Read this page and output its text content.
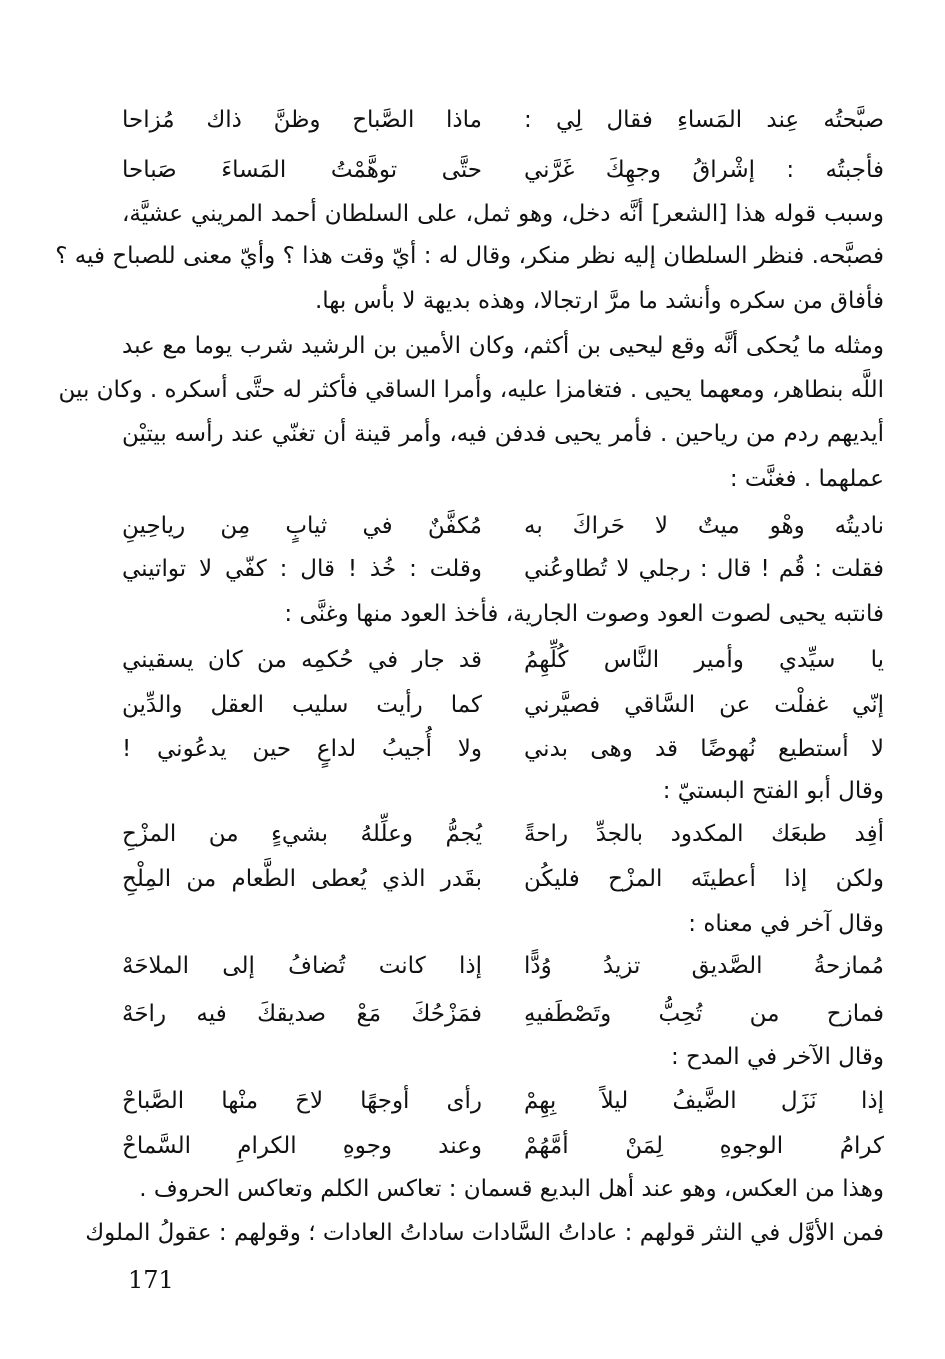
صبَّحتُه عِند المَساءِ فقال لِي :
ماذا الصَّباح وظنَّ ذاك مُزاحا
فأجبتُه : إشْراقُ وجهِكَ غَرَّني
حتَّى توهَّمْتُ المَساءَ صَباحا
وسبب قوله هذا [الشعر] أنَّه دخل، وهو ثمل، على السلطان أحمد المريني عشيَّة،
فصبَّحه. فنظر السلطان إليه نظر منكر، وقال له : أيّ وقت هذا ؟ وأيّ معنى للصباح فيه ؟
فأفاق من سكره وأنشد ما مرَّ ارتجالا، وهذه بديهة لا بأس بها.
ومثله ما يُحكى أنَّه وقع ليحيى بن أكثم، وكان الأمين بن الرشيد شرب يوما مع عبد
اللَّه بنطاهر، ومعهما يحيى . فتغامزا عليه، وأمرا الساقي فأكثر له حتَّى أسكره . وكان بين
أيديهم ردم من رياحين . فأمر يحيى فدفن فيه، وأمر قينة أن تغنّي عند رأسه بيتيْن
عملهما . فغنَّت :
ناديتُه وهْو ميتٌ لا حَراكَ به
مُكفَّنٌ في ثيابٍ مِن رياحِينِ
فقلت : قُم ! قال : رجلي لا تُطاوعُني
وقلت : خُذ ! قال : كفّي لا تواتيني
فانتبه يحيى لصوت العود وصوت الجارية، فأخذ العود منها وغنَّى :
يا سيِّدي وأمير النَّاس كُلِّهِمُ
قد جار في حُكمِه من كان يسقيني
إنّي غفلْت عن السَّاقي فصيَّرني
كما رأيت سليب العقل والدِّين
لا أستطيع نُهوضًا قد وهى بدني
ولا أُجيبُ لداعٍ حين يدعُوني !
وقال أبو الفتح البستيّ :
أفِد طبعَك المكدود بالجدِّ راحةً
يُجمُّ وعلِّلهُ بشيءٍ من المزْحِ
ولكن إذا أعطيتَه المزْح فليكُن
بقَدر الذي يُعطى الطَّعام من المِلْحِ
وقال آخر في معناه :
مُمازحةُ الصَّديق تزيدُ وُدًّا
إذا كانت تُضافُ إلى الملاحَهْ
فمازح من تُحِبُّ وتَصْطَفيهِ
فمَزْحُكَ مَعْ صديقكَ فيه راحَهْ
وقال الآخر في المدح :
إذا نَزَل الضَّيفُ ليلاً بِهِمْ
رأى أوجهًا لاحَ منْها الصَّباحْ
كرامُ الوجوهِ لِمَنْ أمَّهُمْ
وعند وجوهِ الكرامِ السَّماحْ
وهذا من العكس، وهو عند أهل البديع قسمان : تعاكس الكلم وتعاكس الحروف .
فمن الأوَّل في النثر قولهم : عاداتُ السَّادات ساداتُ العادات ؛ وقولهم : عقولُ الملوك
171
